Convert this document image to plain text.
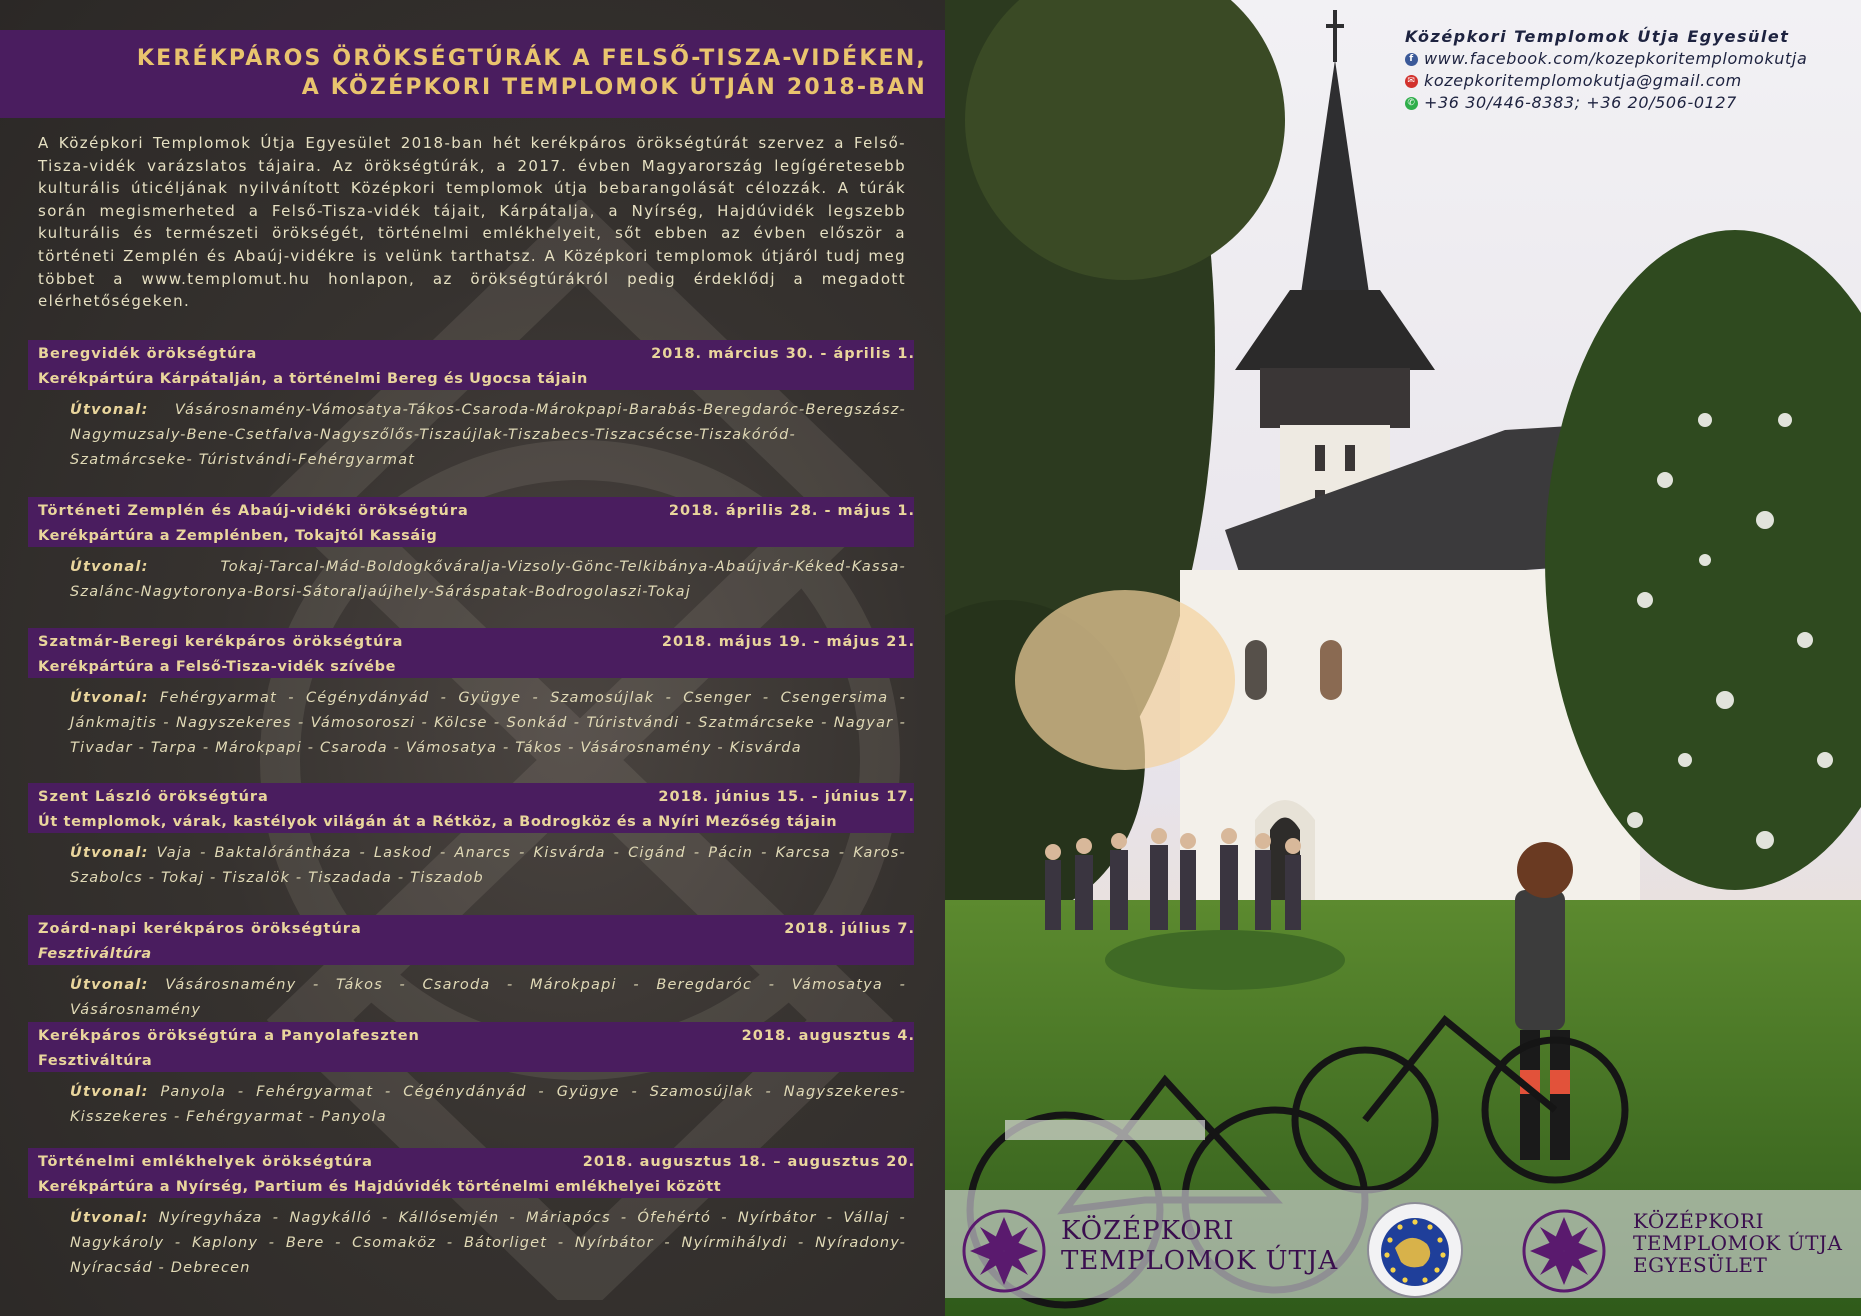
KERÉKPÁROS ÖRÖKSÉGTÚRÁK A FELSŐ-TISZA-VIDÉKEN,
A KÖZÉPKORI TEMPLOMOK ÚTJÁN 2018-BAN
A Középkori Templomok Útja Egyesület 2018-ban hét kerékpáros örökségtúrát szervez a Felső-Tisza-vidék varázslatos tájaira. Az örökségtúrák, a 2017. évben Magyarország legígéretesebb kulturális úticéljának nyilvánított Középkori templomok útja bebarangolását célozzák. A túrák során megismerheted a Felső-Tisza-vidék tájait, Kárpátalja, a Nyírség, Hajdúvidék legszebb kulturális és természeti örökségét, történelmi emlékhelyeit, sőt ebben az évben először a történeti Zemplén és Abaúj-vidékre is velünk tarthatsz. A Középkori templomok útjáról tudj meg többet a www.templomut.hu honlapon, az örökségtúrákról pedig érdeklődj a megadott elérhetőségeken.
Beregvidék örökségtúra	2018. március 30. - április 1.
Kerékpártúra Kárpátalján, a történelmi Bereg és Ugocsa tájain
Útvonal: Vásárosnamény-Vámosatya-Tákos-Csaroda-Márokpapi-Barabás-Beregdaróc-Beregszász-Nagymuzsaly-Bene-Csetfalva-Nagyszőlős-Tiszaújlak-Tiszabecs-Tiszacsécse-Tiszakóród-Szatmárcseke- Túristvándi-Fehérgyarmat
Történeti Zemplén és Abaúj-vidéki örökségtúra	2018. április 28. - május 1.
Kerékpártúra a Zemplénben, Tokajtól Kassáig
Útvonal:	Tokaj-Tarcal-Mád-Boldogkőváralja-Vizsoly-Gönc-Telkibánya-Abaújvár-Kéked-Kassa-Szalánc-Nagytoronya-Borsi-Sátoraljaújhely-Sáráspatak-Bodrogolaszi-Tokaj
Szatmár-Beregi kerékpáros örökségtúra	2018. május 19. - május 21.
Kerékpártúra a Felső-Tisza-vidék szívébe
Útvonal: Fehérgyarmat - Cégénydányád - Gyügye - Szamosújlak - Csenger - Csengersima - Jánkmajtis - Nagyszekeres - Vámosoroszi - Kölcse - Sonkád - Túristvándi - Szatmárcseke - Nagyar - Tivadar - Tarpa - Márokpapi - Csaroda - Vámosatya - Tákos - Vásárosnamény - Kisvárda
Szent László örökségtúra	2018. június 15. - június 17.
Út templomok, várak, kastélyok világán át a Rétköz, a Bodrogköz és a Nyíri Mezőség tájain
Útvonal: Vaja - Baktalórántháza - Laskod - Anarcs - Kisvárda - Cigánd - Pácin - Karcsa - Karos-Szabolcs - Tokaj - Tiszalök - Tiszadada - Tiszadob
Zoárd-napi kerékpáros örökségtúra	2018. július 7.
Fesztiváltúra
Útvonal: Vásárosnamény - Tákos - Csaroda - Márokpapi - Beregdaróc - Vámosatya - Vásárosnamény
Kerékpáros örökségtúra a Panyolafeszten	2018. augusztus 4.
Fesztiváltúra
Útvonal: Panyola - Fehérgyarmat - Cégénydányád - Gyügye - Szamosújlak - Nagyszekeres-Kisszekeres - Fehérgyarmat - Panyola
Történelmi emlékhelyek örökségtúra	2018. augusztus 18. – augusztus 20.
Kerékpártúra a Nyírség, Partium és Hajdúvidék történelmi emlékhelyei között
Útvonal: Nyíregyháza - Nagykálló - Kállósemjén - Máriapócs - Ófehértó - Nyírbátor - Vállaj - Nagykároly - Kaplony - Bere - Csomaköz - Bátorliget - Nyírbátor - Nyírmihálydi - Nyíradony-Nyíracsád - Debrecen
KÖZÉPKORI
TEMPLOMOK ÚTJA
KÖZÉPKORI
TEMPLOMOK ÚTJA
EGYESÜLET
Középkori Templomok Útja Egyesület
f www.facebook.com/kozepkoritemplomokutja
✉ kozepkoritemplomokutja@gmail.com
✆ +36 30/446-8383; +36 20/506-0127
